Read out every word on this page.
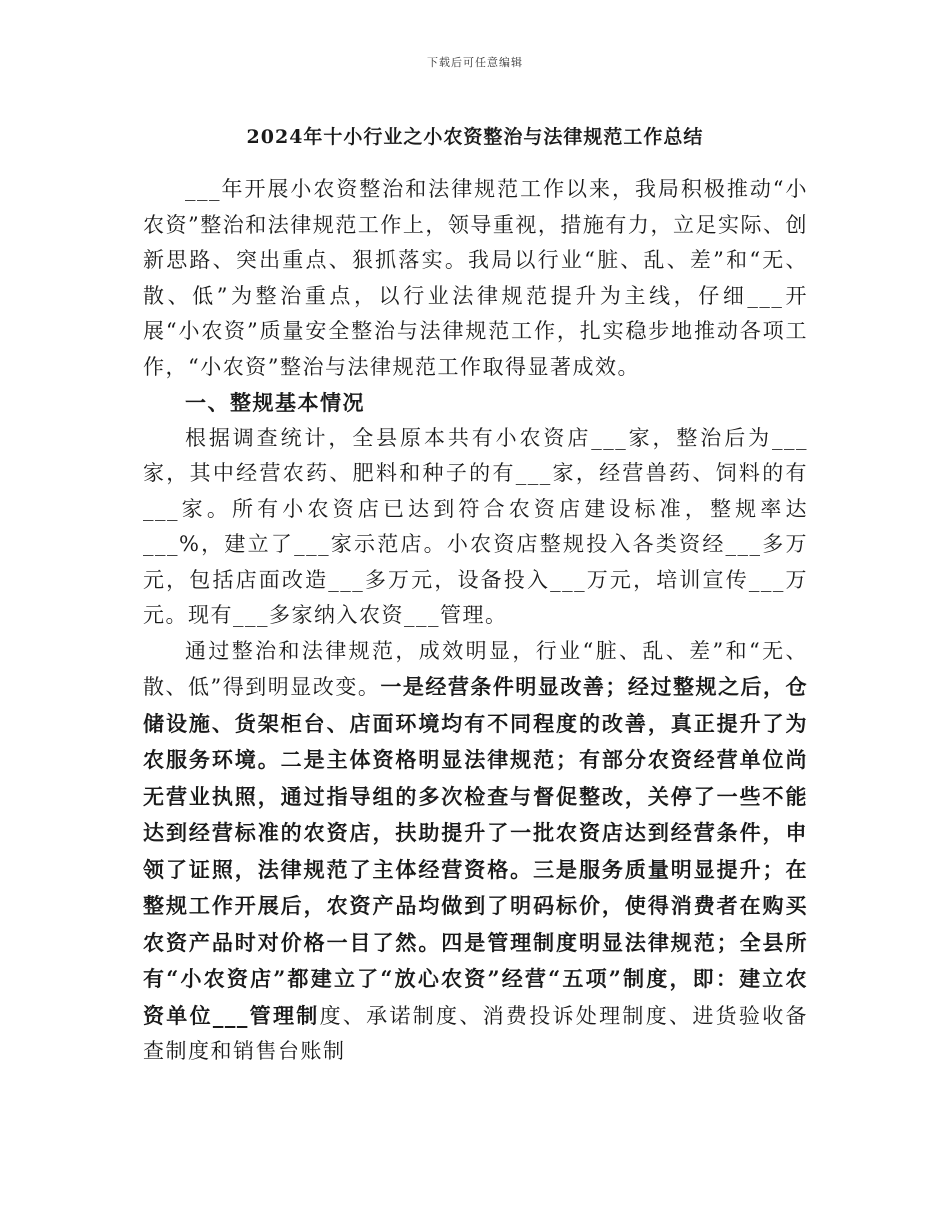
下载后可任意编辑
2024年十小行业之小农资整治与法律规范工作总结

___年开展小农资整治和法律规范工作以来，我局积极推动“小农资”整治和法律规范工作上，领导重视，措施有力，立足实际、创新思路、突出重点、狠抓落实。我局以行业“脏、乱、差”和“无、散、低”为整治重点，以行业法律规范提升为主线，仔细___开展“小农资”质量安全整治与法律规范工作，扎实稳步地推动各项工作，“小农资”整治与法律规范工作取得显著成效。

一、整规基本情况

根据调查统计，全县原本共有小农资店___家，整治后为___家，其中经营农药、肥料和种子的有___家，经营兽药、饲料的有___家。所有小农资店已达到符合农资店建设标准，整规率达___%，建立了___家示范店。小农资店整规投入各类资经___多万元，包括店面改造___多万元，设备投入___万元，培训宣传___万元。现有___多家纳入农资___管理。

通过整治和法律规范，成效明显，行业“脏、乱、差”和“无、散、低”得到明显改变。一是经营条件明显改善；经过整规之后，仓储设施、货架柜台、店面环境均有不同程度的改善，真正提升了为农服务环境。二是主体资格明显法律规范；有部分农资经营单位尚无营业执照，通过指导组的多次检查与督促整改，关停了一些不能达到经营标准的农资店，扶助提升了一批农资店达到经营条件，申领了证照，法律规范了主体经营资格。三是服务质量明显提升；在整规工作开展后，农资产品均做到了明码标价，使得消费者在购买农资产品时对价格一目了然。四是管理制度明显法律规范；全县所有“小农资店”都建立了“放心农资”经营“五项”制度，即：建立农资单位___管理制度、承诺制度、消费投诉处理制度、进货验收备查制度和销售台账制
